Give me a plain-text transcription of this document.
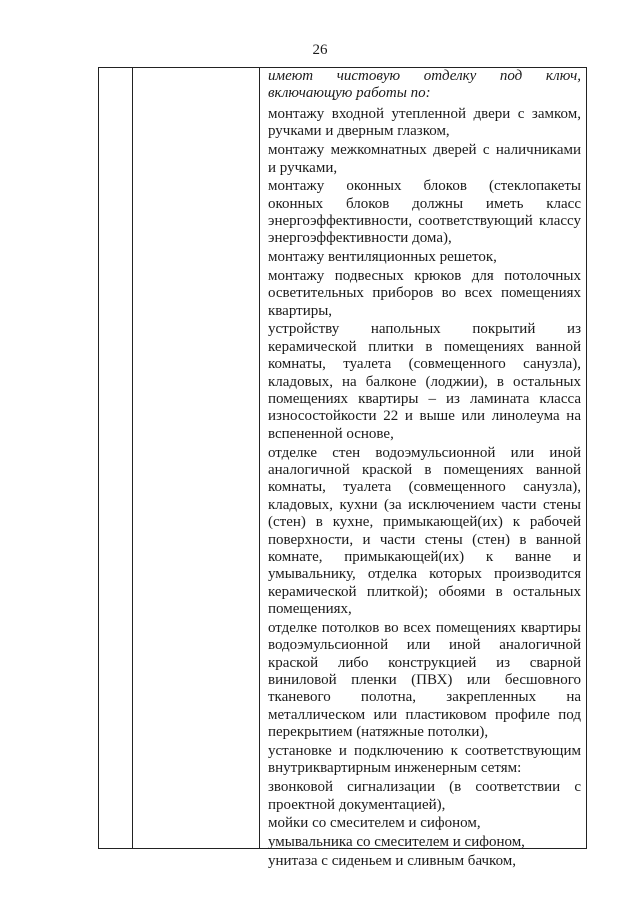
26

имеют чистовую отделку под ключ, включающую работы по:

монтажу входной утепленной двери с замком, ручками и дверным глазком,

монтажу межкомнатных дверей с наличниками и ручками,

монтажу оконных блоков (стеклопакеты оконных блоков должны иметь класс энергоэффективности, соответствующий классу энергоэффективности дома),

монтажу вентиляционных решеток,

монтажу подвесных крюков для потолочных осветительных приборов во всех помещениях квартиры,

устройству напольных покрытий из керамической плитки в помещениях ванной комнаты, туалета (совмещенного санузла), кладовых, на балконе (лоджии), в остальных помещениях квартиры – из ламината класса износостойкости 22 и выше или линолеума на вспененной основе,

отделке стен водоэмульсионной или иной аналогичной краской в помещениях ванной комнаты, туалета (совмещенного санузла), кладовых, кухни (за исключением части стены (стен) в кухне, примыкающей(их) к рабочей поверхности, и части стены (стен) в ванной комнате, примыкающей(их) к ванне и умывальнику, отделка которых производится керамической плиткой); обоями в остальных помещениях,

отделке потолков во всех помещениях квартиры водоэмульсионной или иной аналогичной краской либо конструкцией из сварной виниловой пленки (ПВХ) или бесшовного тканевого полотна, закрепленных на металлическом или пластиковом профиле под перекрытием (натяжные потолки),

установке и подключению к соответствующим внутриквартирным инженерным сетям:

звонковой сигнализации (в соответствии с проектной документацией),

мойки со смесителем и сифоном,

умывальника со смесителем и сифоном,

унитаза с сиденьем и сливным бачком,
